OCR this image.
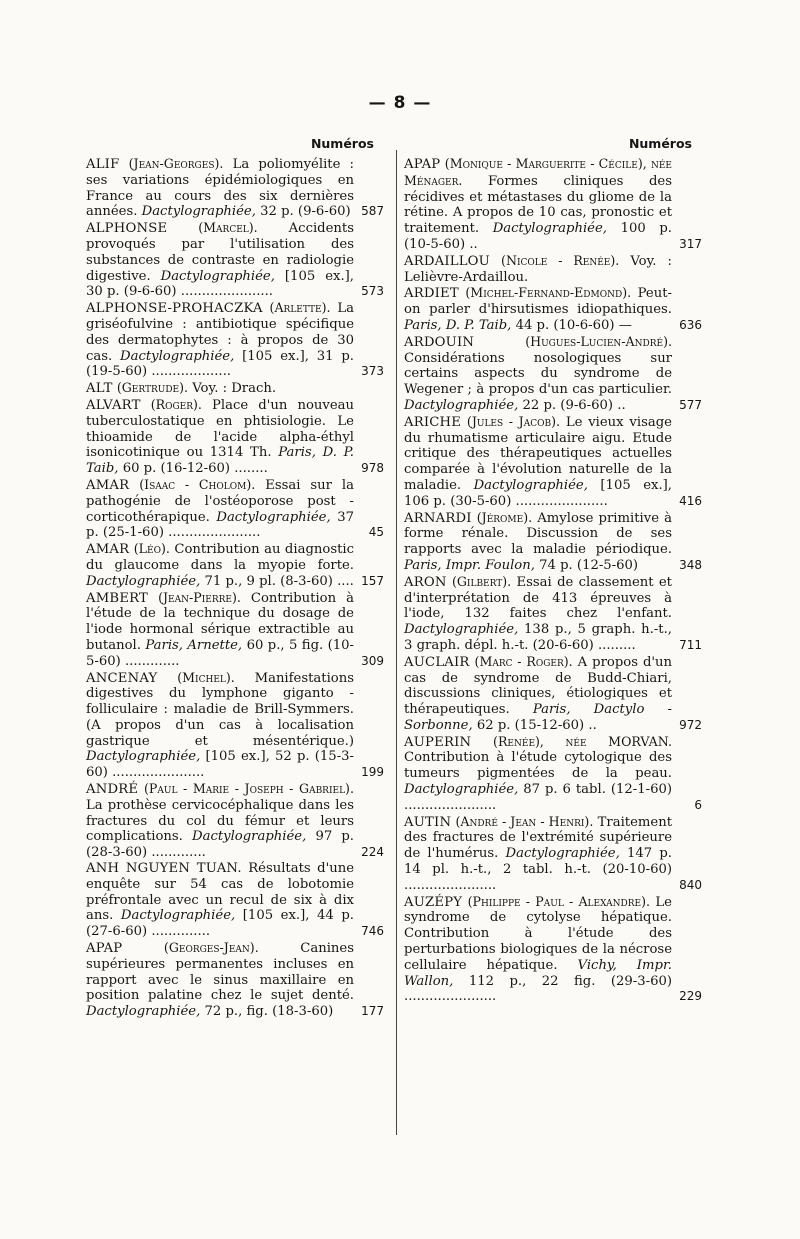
— 8 —
Numéros

ALIF (Jean-Georges). La poliomyélite : ses variations épidémiologiques en France au cours des six dernières années. Dactylographiée, 32 p. (9-6-60) 587

ALPHONSE (Marcel). Accidents provoqués par l'utilisation des substances de contraste en radiologie digestive. Dactylographiée, [105 ex.], 30 p. (9-6-60) ......................	573

ALPHONSE-PROHACZKA (Arlette). La griséofulvine : antibiotique spécifique des dermatophytes : à propos de 30 cas. Dactylographiée, [105 ex.], 31 p. (19-5-60) ...................	373

ALT (Gertrude). Voy. : Drach.

ALVART (Roger). Place d'un nouveau tuberculostatique en phtisiologie. Le thioamide de l'acide alpha-éthyl isonicotinique ou 1314 Th. Paris, D. P. Taib, 60 p. (16-12-60) ........	978

AMAR (Isaac - Cholom). Essai sur la pathogénie de l'ostéoporose post - corticothérapique. Dactylographiée, 37 p. (25-1-60) ......................	45

AMAR (Léo). Contribution au diagnostic du glaucome dans la myopie forte. Dactylographiée, 71 p., 9 pl. (8-3-60) .... 157

AMBERT (Jean-Pierre). Contribution à l'étude de la technique du dosage de l'iode hormonal sérique extractible au butanol. Paris, Arnette, 60 p., 5 fig. (10-5-60) .............	309

ANCENAY (Michel). Manifestations digestives du lymphone giganto - folliculaire : maladie de Brill-Symmers. (A propos d'un cas à localisation gastrique et mésentérique.) Dactylographiée, [105 ex.], 52 p. (15-3-60) ......................	199

ANDRÉ (Paul - Marie - Joseph - Gabriel). La prothèse cervicocéphalique dans les fractures du col du fémur et leurs complications. Dactylographiée, 97 p. (28-3-60) .............	224

ANH NGUYEN TUAN. Résultats d'une enquête sur 54 cas de lobotomie préfrontale avec un recul de six à dix ans. Dactylographiée, [105 ex.], 44 p. (27-6-60) ..............	746

APAP	(Georges-Jean).	Canines supérieures permanentes incluses en rapport avec le sinus maxillaire en position palatine chez le sujet denté. Dactylographiée, 72 p., fig. (18-3-60)	177

Numéros

APAP (Monique - Marguerite - Cécile), née Ménager. Formes cliniques des récidives et métastases du gliome de la rétine. A propos de 10 cas, pronostic et traitement. Dactylographiée, 100 p. (10-5-60) ..	317

ARDAILLOU (Nicole - Renée). Voy. : Lelièvre-Ardaillou.

ARDIET (Michel-Fernand-Edmond). Peut-on parler d'hirsutismes idiopathiques. Paris, D. P. Taib, 44 p. (10-6-60) —	636

ARDOUIN	(Hugues-Lucien-André). Considérations nosologiques sur certains aspects du syndrome de Wegener ; à propos d'un cas particulier. Dactylographiée, 22 p. (9-6-60) ..	577

ARICHE (Jules - Jacob). Le vieux visage du rhumatisme articulaire aigu. Etude critique des thérapeutiques actuelles comparée à l'évolution naturelle de la maladie. Dactylographiée, [105 ex.], 106 p. (30-5-60) ......................	416

ARNARDI (Jérome). Amylose primitive à forme rénale. Discussion de ses rapports avec la maladie périodique. Paris, Impr. Foulon, 74 p. (12-5-60)	348

ARON (Gilbert). Essai de classement et d'interprétation de 413 épreuves à l'iode, 132 faites chez l'enfant. Dactylographiée, 138 p., 5 graph. h.-t., 3 graph. dépl. h.-t. (20-6-60) .........	711

AUCLAIR (Marc - Roger). A propos d'un cas de syndrome de Budd-Chiari, discussions cliniques, étiologiques et thérapeutiques. Paris, Dactylo - Sorbonne, 62 p. (15-12-60) ..	972

AUPERIN (Renée), née MORVAN. Contribution à l'étude cytologique des tumeurs pigmentées de la peau. Dactylographiée, 87 p. 6 tabl. (12-1-60) ......................	6

AUTIN (André - Jean - Henri). Traitement des fractures de l'extrémité supérieure de l'humérus. Dactylographiée, 147 p. 14 pl. h.-t., 2 tabl. h.-t. (20-10-60) ......................	840

AUZÉPY (Philippe - Paul - Alexandre). Le syndrome de cytolyse hépatique. Contribution à l'étude des perturbations biologiques de la nécrose cellulaire hépatique. Vichy, Impr. Wallon, 112 p., 22 fig. (29-3-60) ......................	229
